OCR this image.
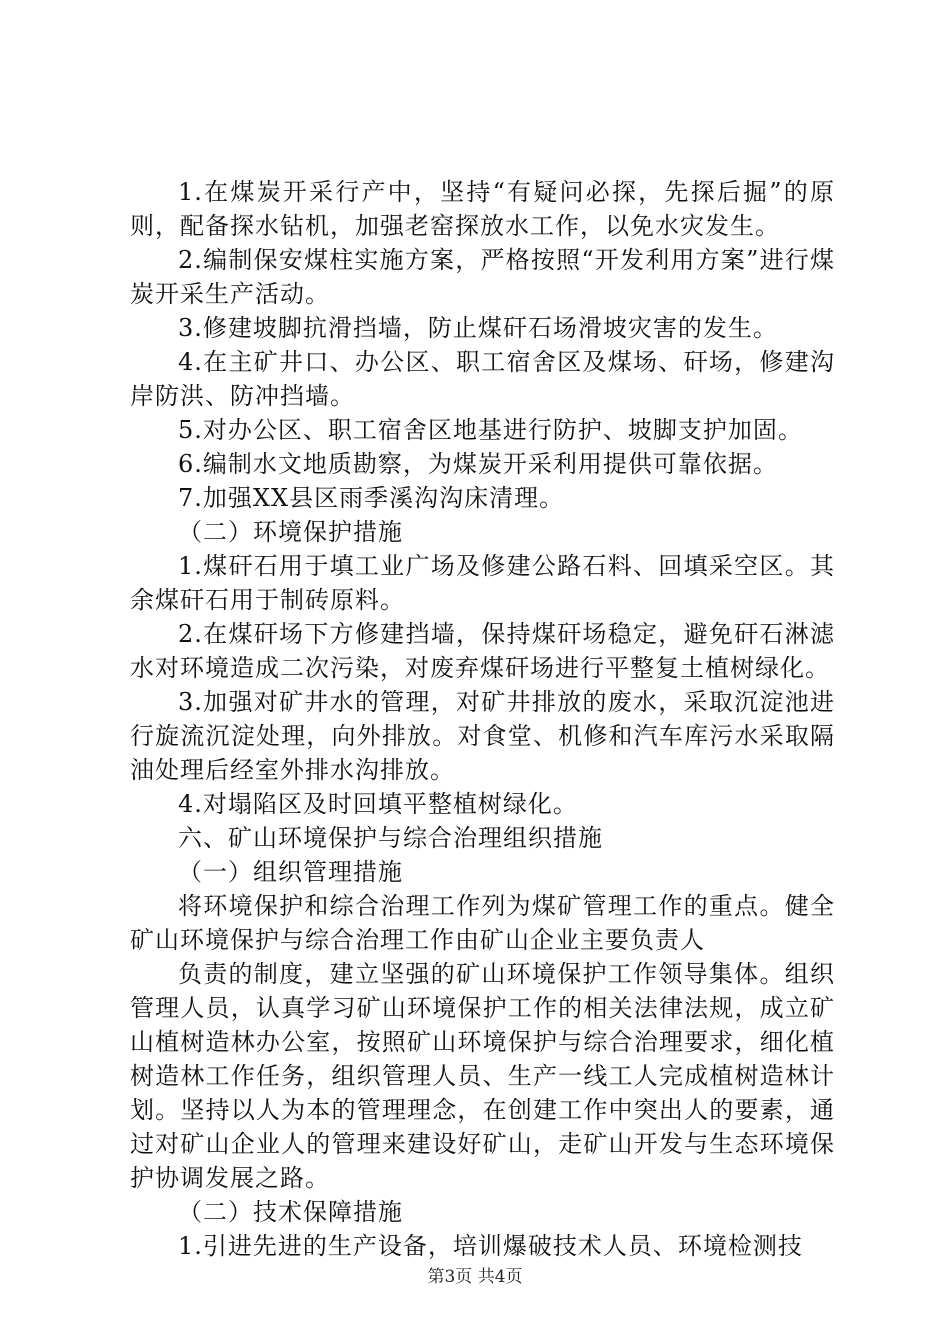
1.在煤炭开采行产中，坚持“有疑问必探，先探后掘”的原则，配备探水钻机，加强老窑探放水工作，以免水灾发生。

2.编制保安煤柱实施方案，严格按照“开发利用方案”进行煤炭开采生产活动。

3.修建坡脚抗滑挡墙，防止煤矸石场滑坡灾害的发生。

4.在主矿井口、办公区、职工宿舍区及煤场、矸场，修建沟岸防洪、防冲挡墙。

5.对办公区、职工宿舍区地基进行防护、坡脚支护加固。

6.编制水文地质勘察，为煤炭开采利用提供可靠依据。

7.加强XX县区雨季溪沟沟床清理。

（二）环境保护措施

1.煤矸石用于填工业广场及修建公路石料、回填采空区。其余煤矸石用于制砖原料。

2.在煤矸场下方修建挡墙，保持煤矸场稳定，避免矸石淋滤水对环境造成二次污染，对废弃煤矸场进行平整复土植树绿化。

3.加强对矿井水的管理，对矿井排放的废水，采取沉淀池进行旋流沉淀处理，向外排放。对食堂、机修和汽车库污水采取隔油处理后经室外排水沟排放。

4.对塌陷区及时回填平整植树绿化。

六、矿山环境保护与综合治理组织措施

（一）组织管理措施

将环境保护和综合治理工作列为煤矿管理工作的重点。健全矿山环境保护与综合治理工作由矿山企业主要负责人

负责的制度，建立坚强的矿山环境保护工作领导集体。组织管理人员，认真学习矿山环境保护工作的相关法律法规，成立矿山植树造林办公室，按照矿山环境保护与综合治理要求，细化植树造林工作任务，组织管理人员、生产一线工人完成植树造林计划。坚持以人为本的管理理念，在创建工作中突出人的要素，通过对矿山企业人的管理来建设好矿山，走矿山开发与生态环境保护协调发展之路。

（二）技术保障措施

1.引进先进的生产设备，培训爆破技术人员、环境检测技

第3页 共4页
